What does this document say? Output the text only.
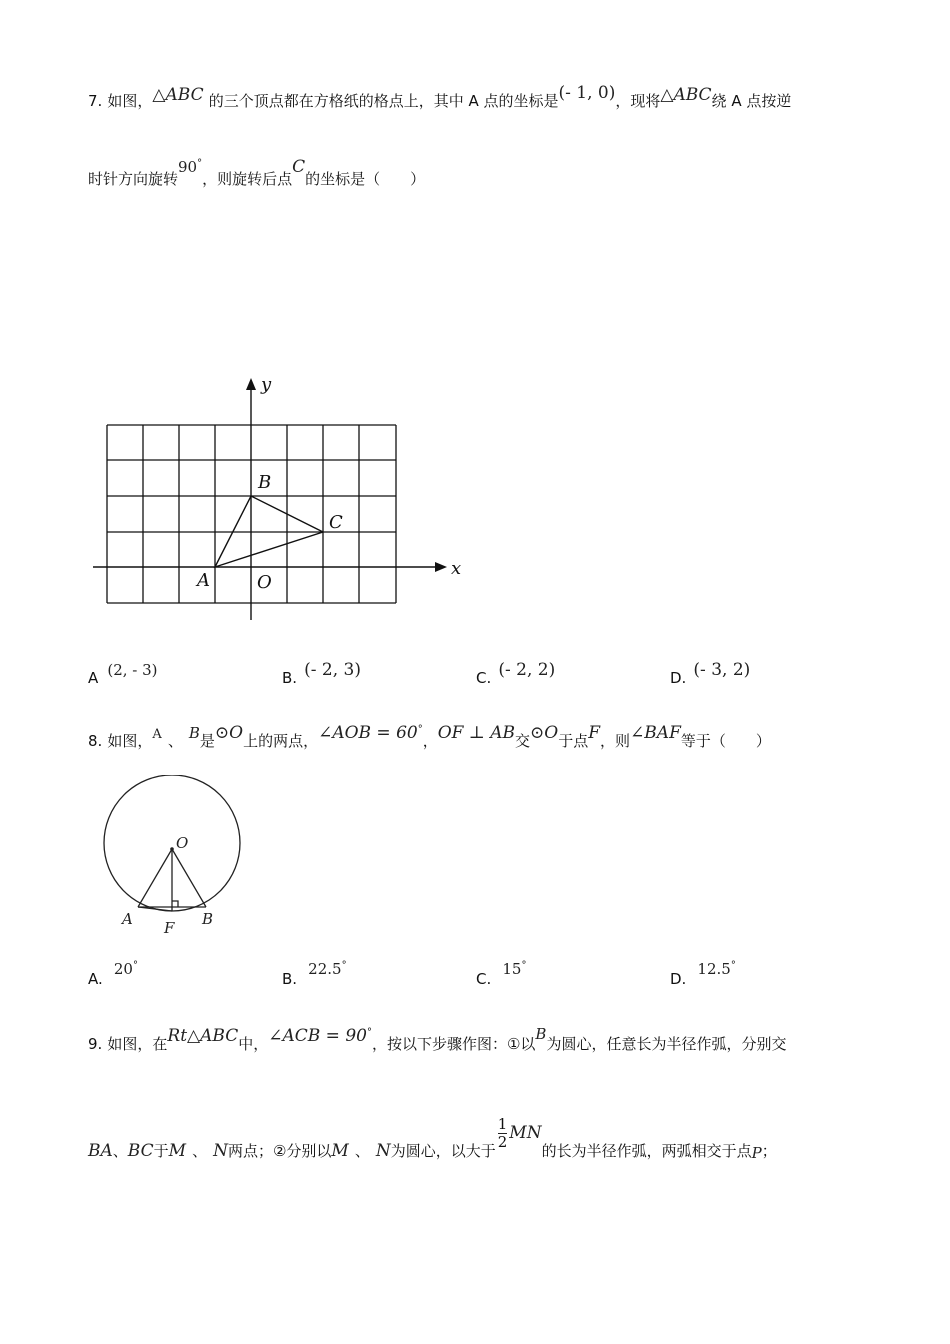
7. 如图，△ABC 的三个顶点都在方格纸的格点上，其中 A 点的坐标是(- 1, 0)，现将△ABC绕 A 点按逆
时针方向旋转90°，则旋转后点C的坐标是（　　）
y
x
A	O
B
C
A (2, - 3)	B. (- 2, 3)	C. (- 2, 2)	D. (- 3, 2)
8. 如图，$^A$ 、 B是⊙O上的两点，∠AOB = 60°，OF ⊥ AB交⊙O于点F，则∠BAF等于（　　）
O
A	B
F
A. 20°
B. 22.5°
C. 15°
D. 12.5°
9. 如图，在Rt△ABC中，∠ACB = 90°，按以下步骤作图：①以B为圆心，任意长为半径作弧，分别交
BA、BC于M 、 N两点；②分别以M 、 N为圆心，以大于
$\frac{1}{2}$ MN的长为半径作弧，两弧相交于点P；
